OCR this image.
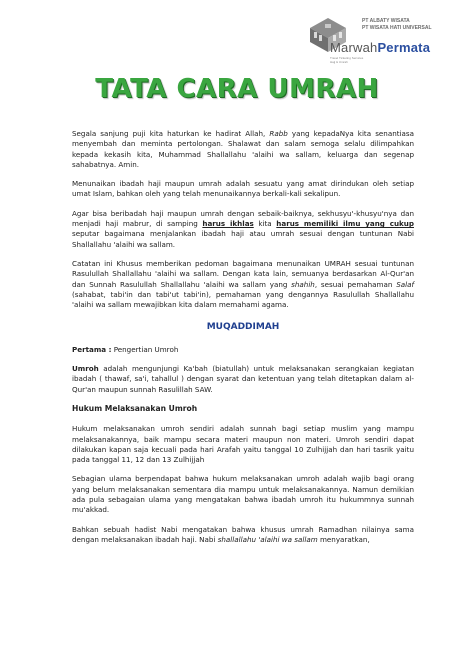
PT ALBATY WISATA
PT WISATA HATI UNIVERSAL
MarwahPermata
Travel Ticketing Services
Hajj & Umrah
TATA CARA UMRAH

Segala sanjung puji kita haturkan ke hadirat Allah, Rabb yang kepadaNya kita senantiasa menyembah dan meminta pertolongan. Shalawat dan salam semoga selalu dilimpahkan kepada kekasih kita, Muhammad Shallallahu 'alaihi wa sallam, keluarga dan segenap sahabatnya. Amin.

Menunaikan ibadah haji maupun umrah adalah sesuatu yang amat dirindukan oleh setiap umat Islam, bahkan oleh yang telah menunaikannya berkali-kali sekalipun.

Agar bisa beribadah haji maupun umrah dengan sebaik-baiknya, sekhusyu'-khusyu'nya dan menjadi haji mabrur, di samping harus ikhlas kita harus memiliki ilmu yang cukup seputar bagaimana menjalankan ibadah haji atau umrah sesuai dengan tuntunan Nabi Shallallahu 'alaihi wa sallam.

Catatan ini Khusus memberikan pedoman bagaimana menunaikan UMRAH sesuai tuntunan Rasulullah Shallallahu 'alaihi wa sallam. Dengan kata lain, semuanya berdasarkan Al-Qur'an dan Sunnah Rasulullah Shallallahu 'alaihi wa sallam yang shahih, sesuai pemahaman Salaf (sahabat, tabi'in dan tabi'ut tabi'in), pemahaman yang dengannya Rasulullah Shallallahu 'alaihi wa sallam mewajibkan kita dalam memahami agama.

MUQADDIMAH

Pertama : Pengertian Umroh

Umroh adalah mengunjungi Ka'bah (biatullah) untuk melaksanakan serangkaian kegiatan ibadah ( thawaf, sa'i, tahallul ) dengan syarat dan ketentuan yang telah ditetapkan dalam al-Qur'an maupun sunnah Rasulillah SAW.

Hukum Melaksanakan Umroh

Hukum melaksanakan umroh sendiri adalah sunnah bagi setiap muslim yang mampu melaksanakannya, baik mampu secara materi maupun non materi. Umroh sendiri dapat dilakukan kapan saja kecuali pada hari Arafah yaitu tanggal 10 Zulhijjah dan hari tasrik yaitu pada tanggal 11, 12 dan 13 Zulhijjah

Sebagian ulama berpendapat bahwa hukum melaksanakan umroh adalah wajib bagi orang yang belum melaksanakan sementara dia mampu untuk melaksanakannya. Namun demikian ada pula sebagaian ulama yang mengatakan bahwa ibadah umroh itu hukummnya sunnah mu'akkad.

Bahkan sebuah hadist Nabi mengatakan bahwa khusus umrah Ramadhan nilainya sama dengan melaksanakan ibadah haji. Nabi shallallahu 'alaihi wa sallam menyaratkan,
